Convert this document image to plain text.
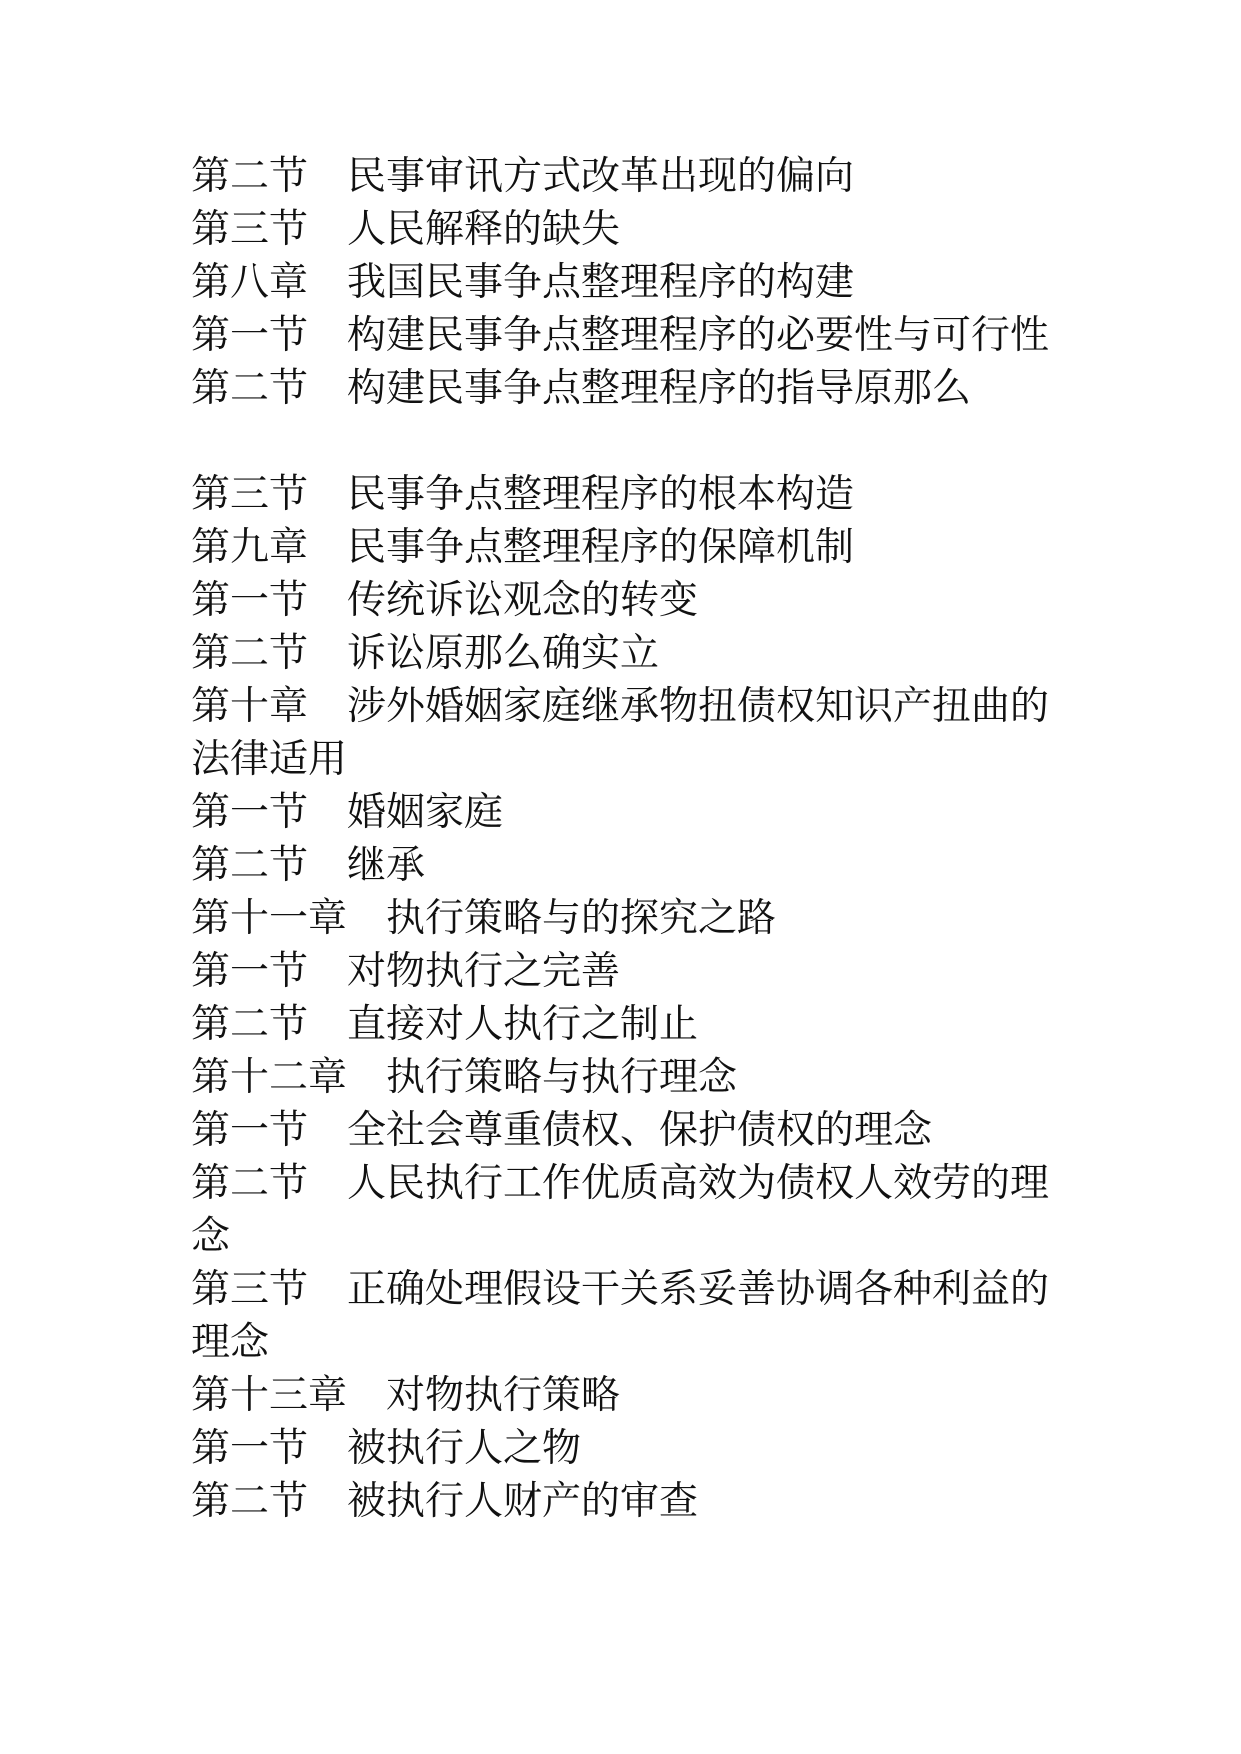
第二节　民事审讯方式改革出现的偏向

第三节　人民解释的缺失

第八章　我国民事争点整理程序的构建

第一节　构建民事争点整理程序的必要性与可行性

第二节　构建民事争点整理程序的指导原那么

第三节　民事争点整理程序的根本构造

第九章　民事争点整理程序的保障机制

第一节　传统诉讼观念的转变

第二节　诉讼原那么确实立

第十章　涉外婚姻家庭继承物扭债权知识产扭曲的法律适用

第一节　婚姻家庭

第二节　继承

第十一章　执行策略与的探究之路

第一节　对物执行之完善

第二节　直接对人执行之制止

第十二章　执行策略与执行理念

第一节　全社会尊重债权、保护债权的理念

第二节　人民执行工作优质高效为债权人效劳的理念

第三节　正确处理假设干关系妥善协调各种利益的理念

第十三章　对物执行策略

第一节　被执行人之物

第二节　被执行人财产的审查
